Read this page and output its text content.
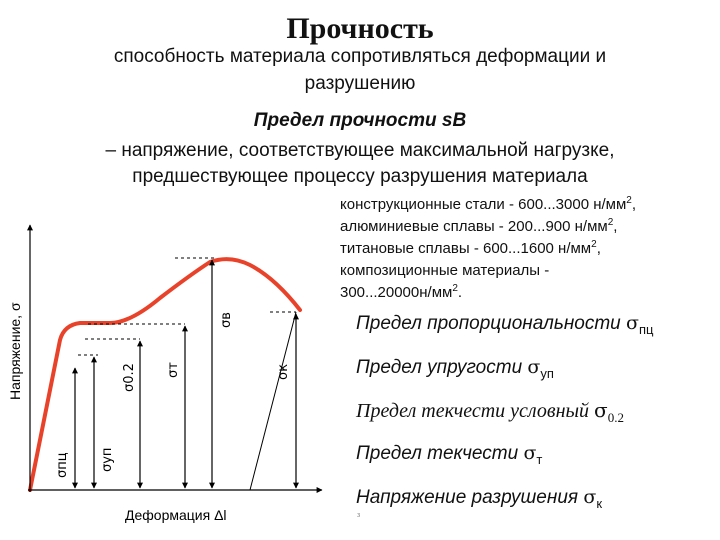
Прочность
способность материала сопротивляться деформации и
разрушению
Предел прочности sВ
– напряжение, соответствующее максимальной нагрузке,
предшествующее процессу разрушения материала
Напряжение, σ
σпц σуп
σ0.2 σт
σв
σк
Деформация Δl
конструкционные стали - 600...3000 $н/мм^2$,
алюминиевые сплавы - 200...900 $н/мм^2$,
титановые сплавы - 600...1600 $н/мм^2$,
композиционные материалы -
$300...20000н/мм^2$.
Предел пропорциональности $\sigma_{пц}$
Предел упругости $\sigma_{уп}$
Предел текчести условный $\sigma_{0.2}$
Предел текчести $\sigma_т$
Напряжение разрушения $\sigma_к$
з
